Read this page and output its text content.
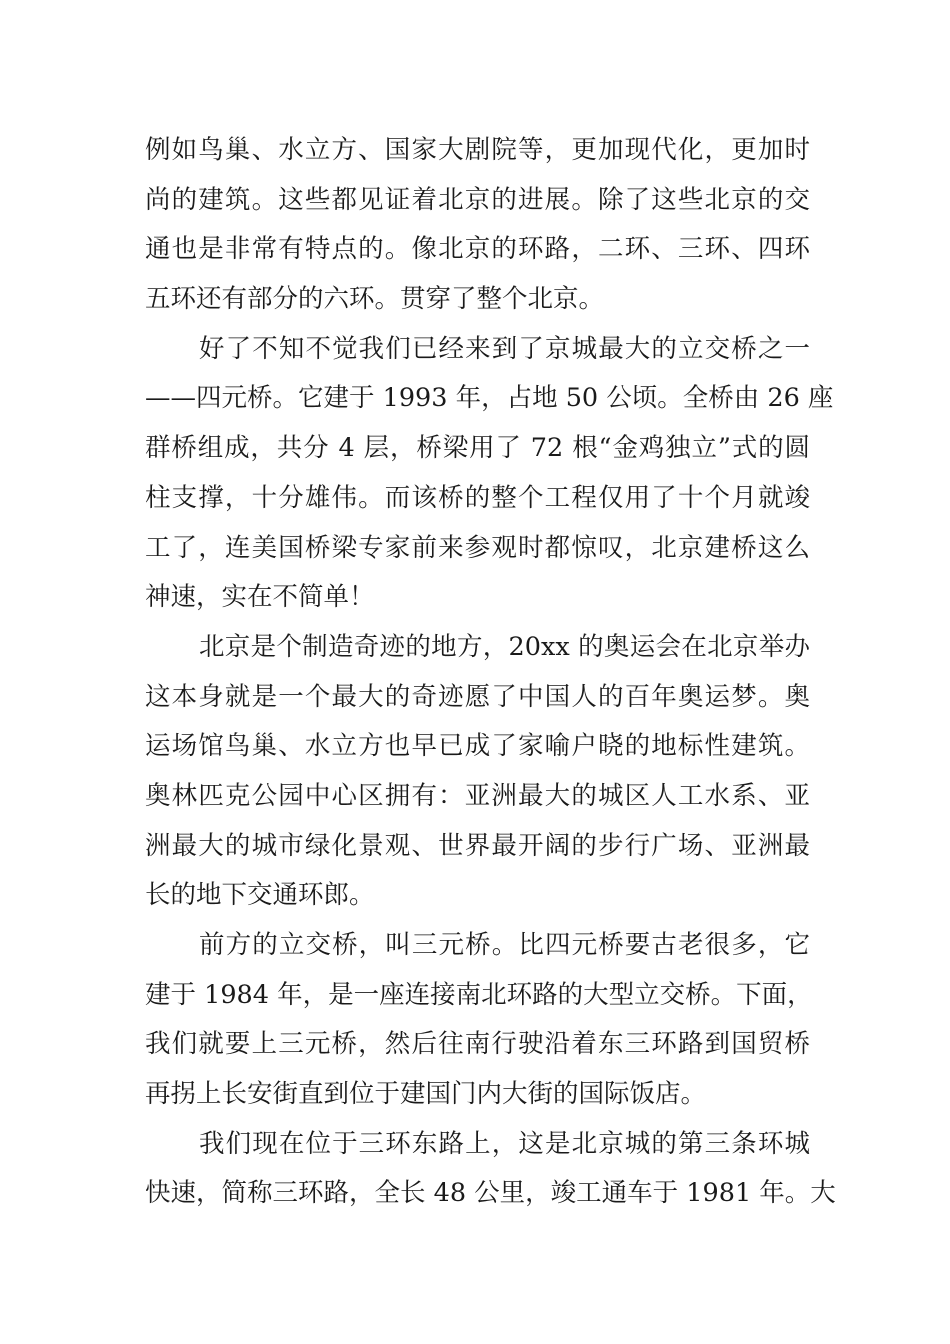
例如鸟巢、水立方、国家大剧院等，更加现代化，更加时
尚的建筑。这些都见证着北京的进展。除了这些北京的交
通也是非常有特点的。像北京的环路，二环、三环、四环
五环还有部分的六环。贯穿了整个北京。
好了不知不觉我们已经来到了京城最大的立交桥之一
——四元桥。它建于 1993 年，占地 50 公顷。全桥由 26 座
群桥组成，共分 4 层，桥梁用了 72 根“金鸡独立”式的圆
柱支撑，十分雄伟。而该桥的整个工程仅用了十个月就竣
工了，连美国桥梁专家前来参观时都惊叹，北京建桥这么
神速，实在不简单！
北京是个制造奇迹的地方，20xx 的奥运会在北京举办
这本身就是一个最大的奇迹愿了中国人的百年奥运梦。奥
运场馆鸟巢、水立方也早已成了家喻户晓的地标性建筑。
奥林匹克公园中心区拥有：亚洲最大的城区人工水系、亚
洲最大的城市绿化景观、世界最开阔的步行广场、亚洲最
长的地下交通环郎。
前方的立交桥，叫三元桥。比四元桥要古老很多，它
建于 1984 年，是一座连接南北环路的大型立交桥。下面，
我们就要上三元桥，然后往南行驶沿着东三环路到国贸桥
再拐上长安街直到位于建国门内大街的国际饭店。
我们现在位于三环东路上，这是北京城的第三条环城
快速，简称三环路，全长 48 公里，竣工通车于 1981 年。大
